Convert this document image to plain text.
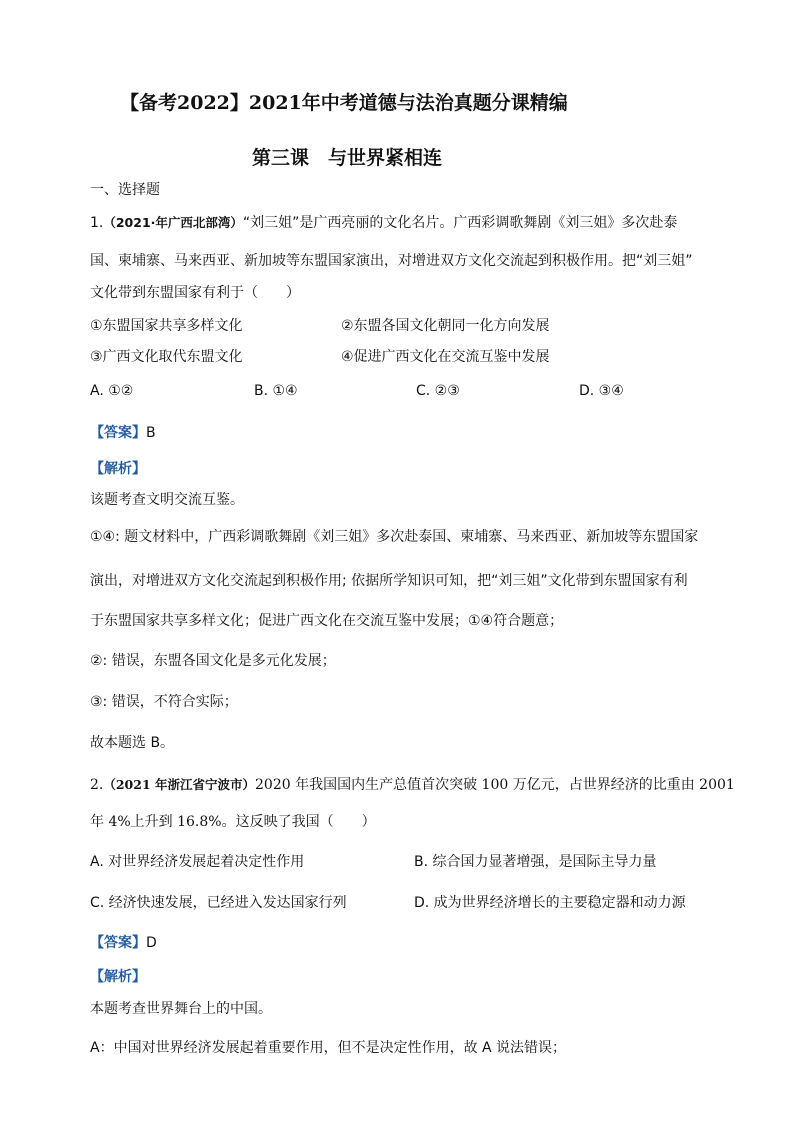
【备考2022】2021年中考道德与法治真题分课精编
第三课　与世界紧相连
一、选择题
1.（2021·年广西北部湾）“刘三姐”是广西亮丽的文化名片。广西彩调歌舞剧《刘三姐》多次赴泰
国、柬埔寨、马来西亚、新加坡等东盟国家演出，对增进双方文化交流起到积极作用。把“刘三姐”
文化带到东盟国家有利于（　　）
①东盟国家共享多样文化	②东盟各国文化朝同一化方向发展
③广西文化取代东盟文化	④促进广西文化在交流互鉴中发展
A. ①②	B. ①④	C. ②③	D. ③④
【答案】B
【解析】
该题考查文明交流互鉴。
①④: 题文材料中，广西彩调歌舞剧《刘三姐》多次赴泰国、柬埔寨、马来西亚、新加坡等东盟国家
演出，对增进双方文化交流起到积极作用; 依据所学知识可知，把“刘三姐”文化带到东盟国家有利
于东盟国家共享多样文化；促进广西文化在交流互鉴中发展；①④符合题意；
②: 错误，东盟各国文化是多元化发展；
③: 错误，不符合实际；
故本题选 B。
2.（2021 年浙江省宁波市）2020 年我国国内生产总值首次突破 100 万亿元，占世界经济的比重由 2001
年 4%上升到 16.8%。这反映了我国（　　）
A. 对世界经济发展起着决定性作用	B. 综合国力显著增强，是国际主导力量
C. 经济快速发展，已经进入发达国家行列	D. 成为世界经济增长的主要稳定器和动力源
【答案】D
【解析】
本题考查世界舞台上的中国。
A：中国对世界经济发展起着重要作用，但不是决定性作用，故 A 说法错误；
